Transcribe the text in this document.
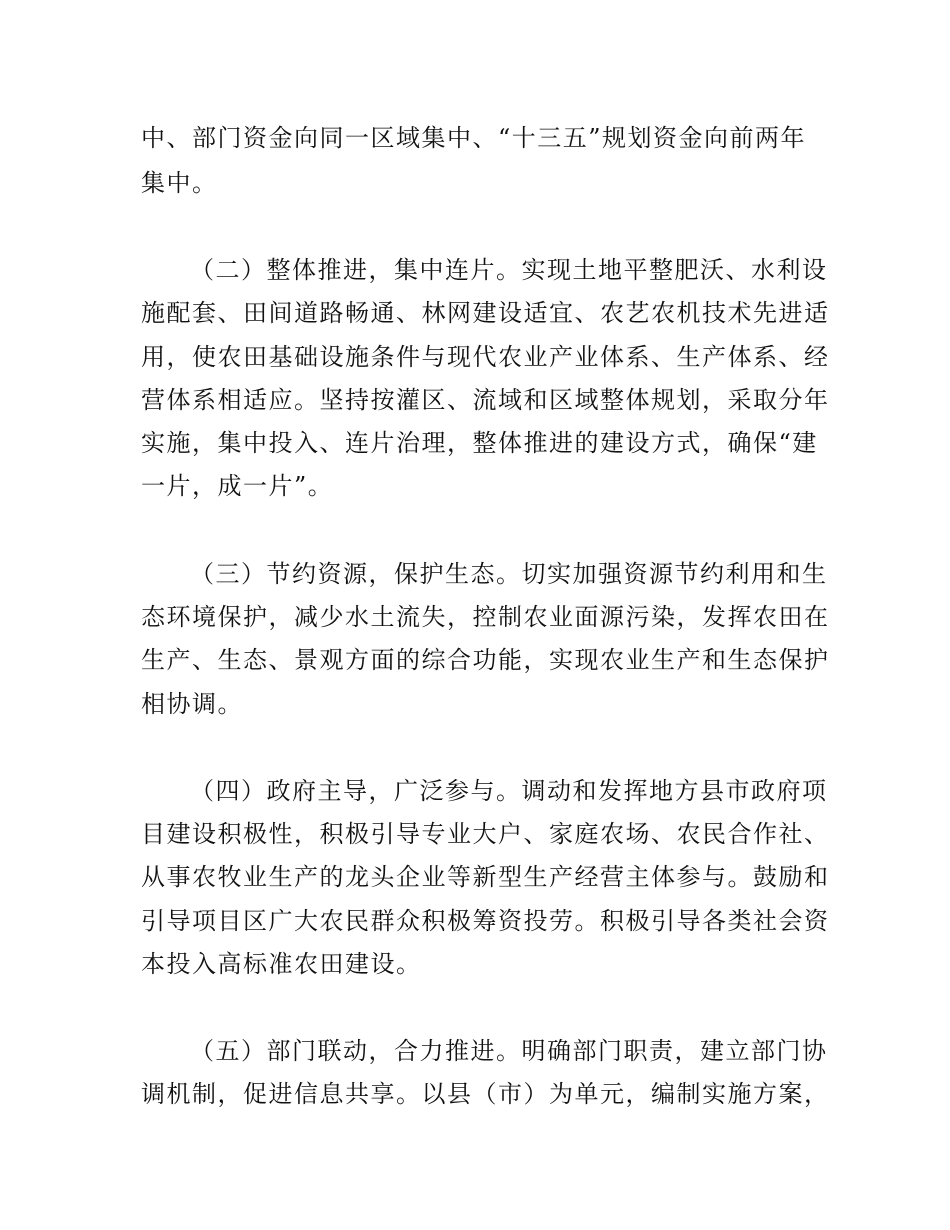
中、部门资金向同一区域集中、“十三五”规划资金向前两年
集中。
（二）整体推进，集中连片。实现土地平整肥沃、水利设
施配套、田间道路畅通、林网建设适宜、农艺农机技术先进适
用，使农田基础设施条件与现代农业产业体系、生产体系、经
营体系相适应。坚持按灌区、流域和区域整体规划，采取分年
实施，集中投入、连片治理，整体推进的建设方式，确保“建
一片，成一片”。
（三）节约资源，保护生态。切实加强资源节约利用和生
态环境保护，减少水土流失，控制农业面源污染，发挥农田在
生产、生态、景观方面的综合功能，实现农业生产和生态保护
相协调。
（四）政府主导，广泛参与。调动和发挥地方县市政府项
目建设积极性，积极引导专业大户、家庭农场、农民合作社、
从事农牧业生产的龙头企业等新型生产经营主体参与。鼓励和
引导项目区广大农民群众积极筹资投劳。积极引导各类社会资
本投入高标准农田建设。
（五）部门联动，合力推进。明确部门职责，建立部门协
调机制，促进信息共享。以县（市）为单元，编制实施方案，
